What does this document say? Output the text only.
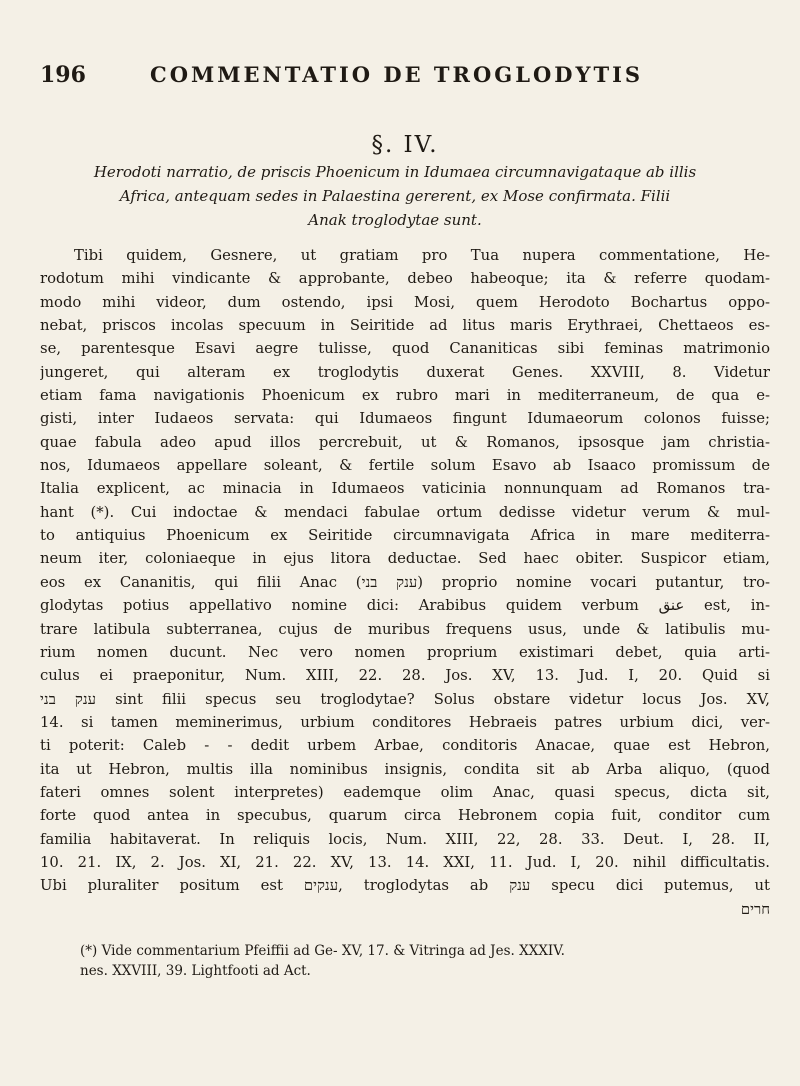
196	COMMENTATIO DE TROGLODYTIS
§. IV.
Herodoti narratio, de priscis Phoenicum in Idumaea circumnavigataque ab illis
Africa, antequam sedes in Palaestina gererent, ex Mose confirmata. Filii
Anak troglodytae sunt.
Tibi quidem, Gesnere, ut gratiam pro Tua nupera commentatione, He-
rodotum mihi vindicante & approbante, debeo habeoque; ita & referre quodam-
modo mihi videor, dum ostendo, ipsi Mosi, quem Herodoto Bochartus oppo-
nebat, priscos incolas specuum in Seiritide ad litus maris Erythraei, Chettaeos es-
se, parentesque Esavi aegre tulisse, quod Cananiticas sibi feminas matrimonio
jungeret, qui alteram ex troglodytis duxerat Genes. XXVIII, 8. Videtur
etiam fama navigationis Phoenicum ex rubro mari in mediterraneum, de qua e-
gisti, inter Iudaeos servata: qui Idumaeos fingunt Idumaeorum colonos fuisse;
quae fabula adeo apud illos percrebuit, ut & Romanos, ipsosque jam christia-
nos, Idumaeos appellare soleant, & fertile solum Esavo ab Isaaco promissum de
Italia explicent, ac minacia in Idumaeos vaticinia nonnunquam ad Romanos tra-
hant (*). Cui indoctae & mendaci fabulae ortum dedisse videtur verum & mul-
to antiquius Phoenicum ex Seiritide circumnavigata Africa in mare mediterra-
neum iter, coloniaeque in ejus litora deductae. Sed haec obiter. Suspicor etiam,
eos ex Cananitis, qui filii Anac (ענק בני) proprio nomine vocari putantur, tro-
glodytas potius appellativo nomine dici: Arabibus quidem verbum عنق est, in-
trare latibula subterranea, cujus de muribus frequens usus, unde & latibulis mu-
rium nomen ducunt. Nec vero nomen proprium existimari debet, quia arti-
culus ei praeponitur, Num. XIII, 22. 28. Jos. XV, 13. Jud. I, 20. Quid si
ענק בני sint filii specus seu troglodytae? Solus obstare videtur locus Jos. XV,
14. si tamen meminerimus, urbium conditores Hebraeis patres urbium dici, ver-
ti poterit: Caleb - - dedit urbem Arbae, conditoris Anacae, quae est Hebron,
ita ut Hebron, multis illa nominibus insignis, condita sit ab Arba aliquo, (quod
fateri omnes solent interpretes) eademque olim Anac, quasi specus, dicta sit,
forte quod antea in specubus, quarum circa Hebronem copia fuit, conditor cum
familia habitaverat. In reliquis locis, Num. XIII, 22, 28. 33. Deut. I, 28. II,
10. 21. IX, 2. Jos. XI, 21. 22. XV, 13. 14. XXI, 11. Jud. I, 20. nihil difficultatis.
Ubi pluraliter positum est ענקים, troglodytas ab ענק specu dici putemus, ut
חרים
(*) Vide commentarium Pfeiffii ad Ge- XV, 17. & Vitringa ad Jes. XXXIV.
nes. XXVIII, 39. Lightfooti ad Act.
